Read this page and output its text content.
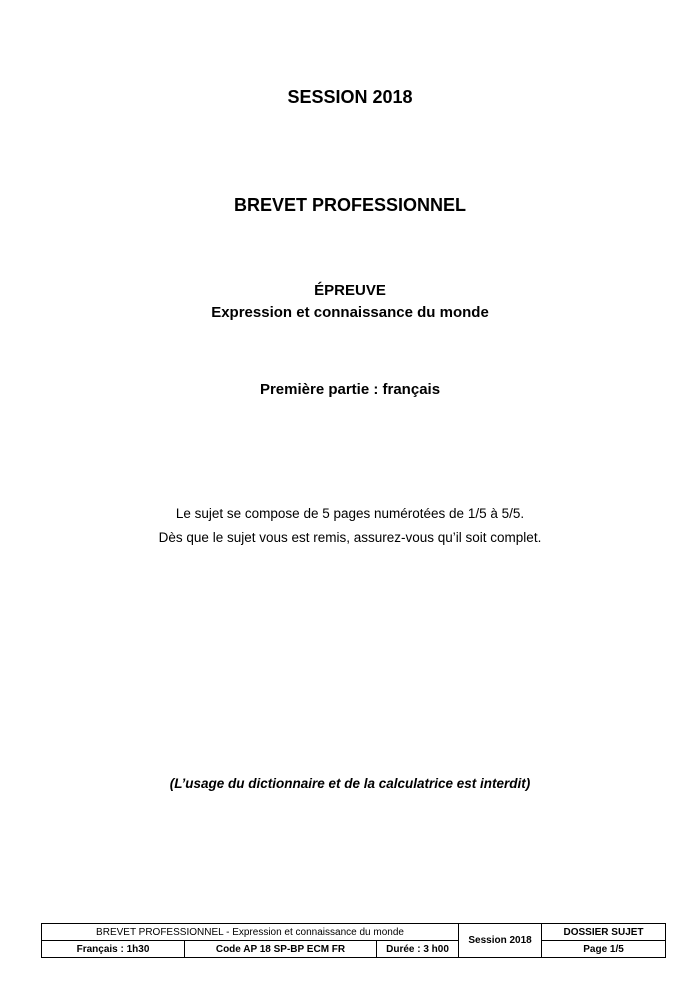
SESSION 2018
BREVET PROFESSIONNEL
ÉPREUVE
Expression et connaissance du monde
Première partie : français
Le sujet se compose de 5 pages numérotées de 1/5 à 5/5.
Dès que le sujet vous est remis, assurez-vous qu’il soit complet.
(L’usage du dictionnaire et de la calculatrice est interdit)
BREVET PROFESSIONNEL - Expression et connaissance du monde			Session 2018	DOSSIER SUJET
Français : 1h30	Code AP 18 SP-BP ECM FR	Durée : 3 h00		Page 1/5
